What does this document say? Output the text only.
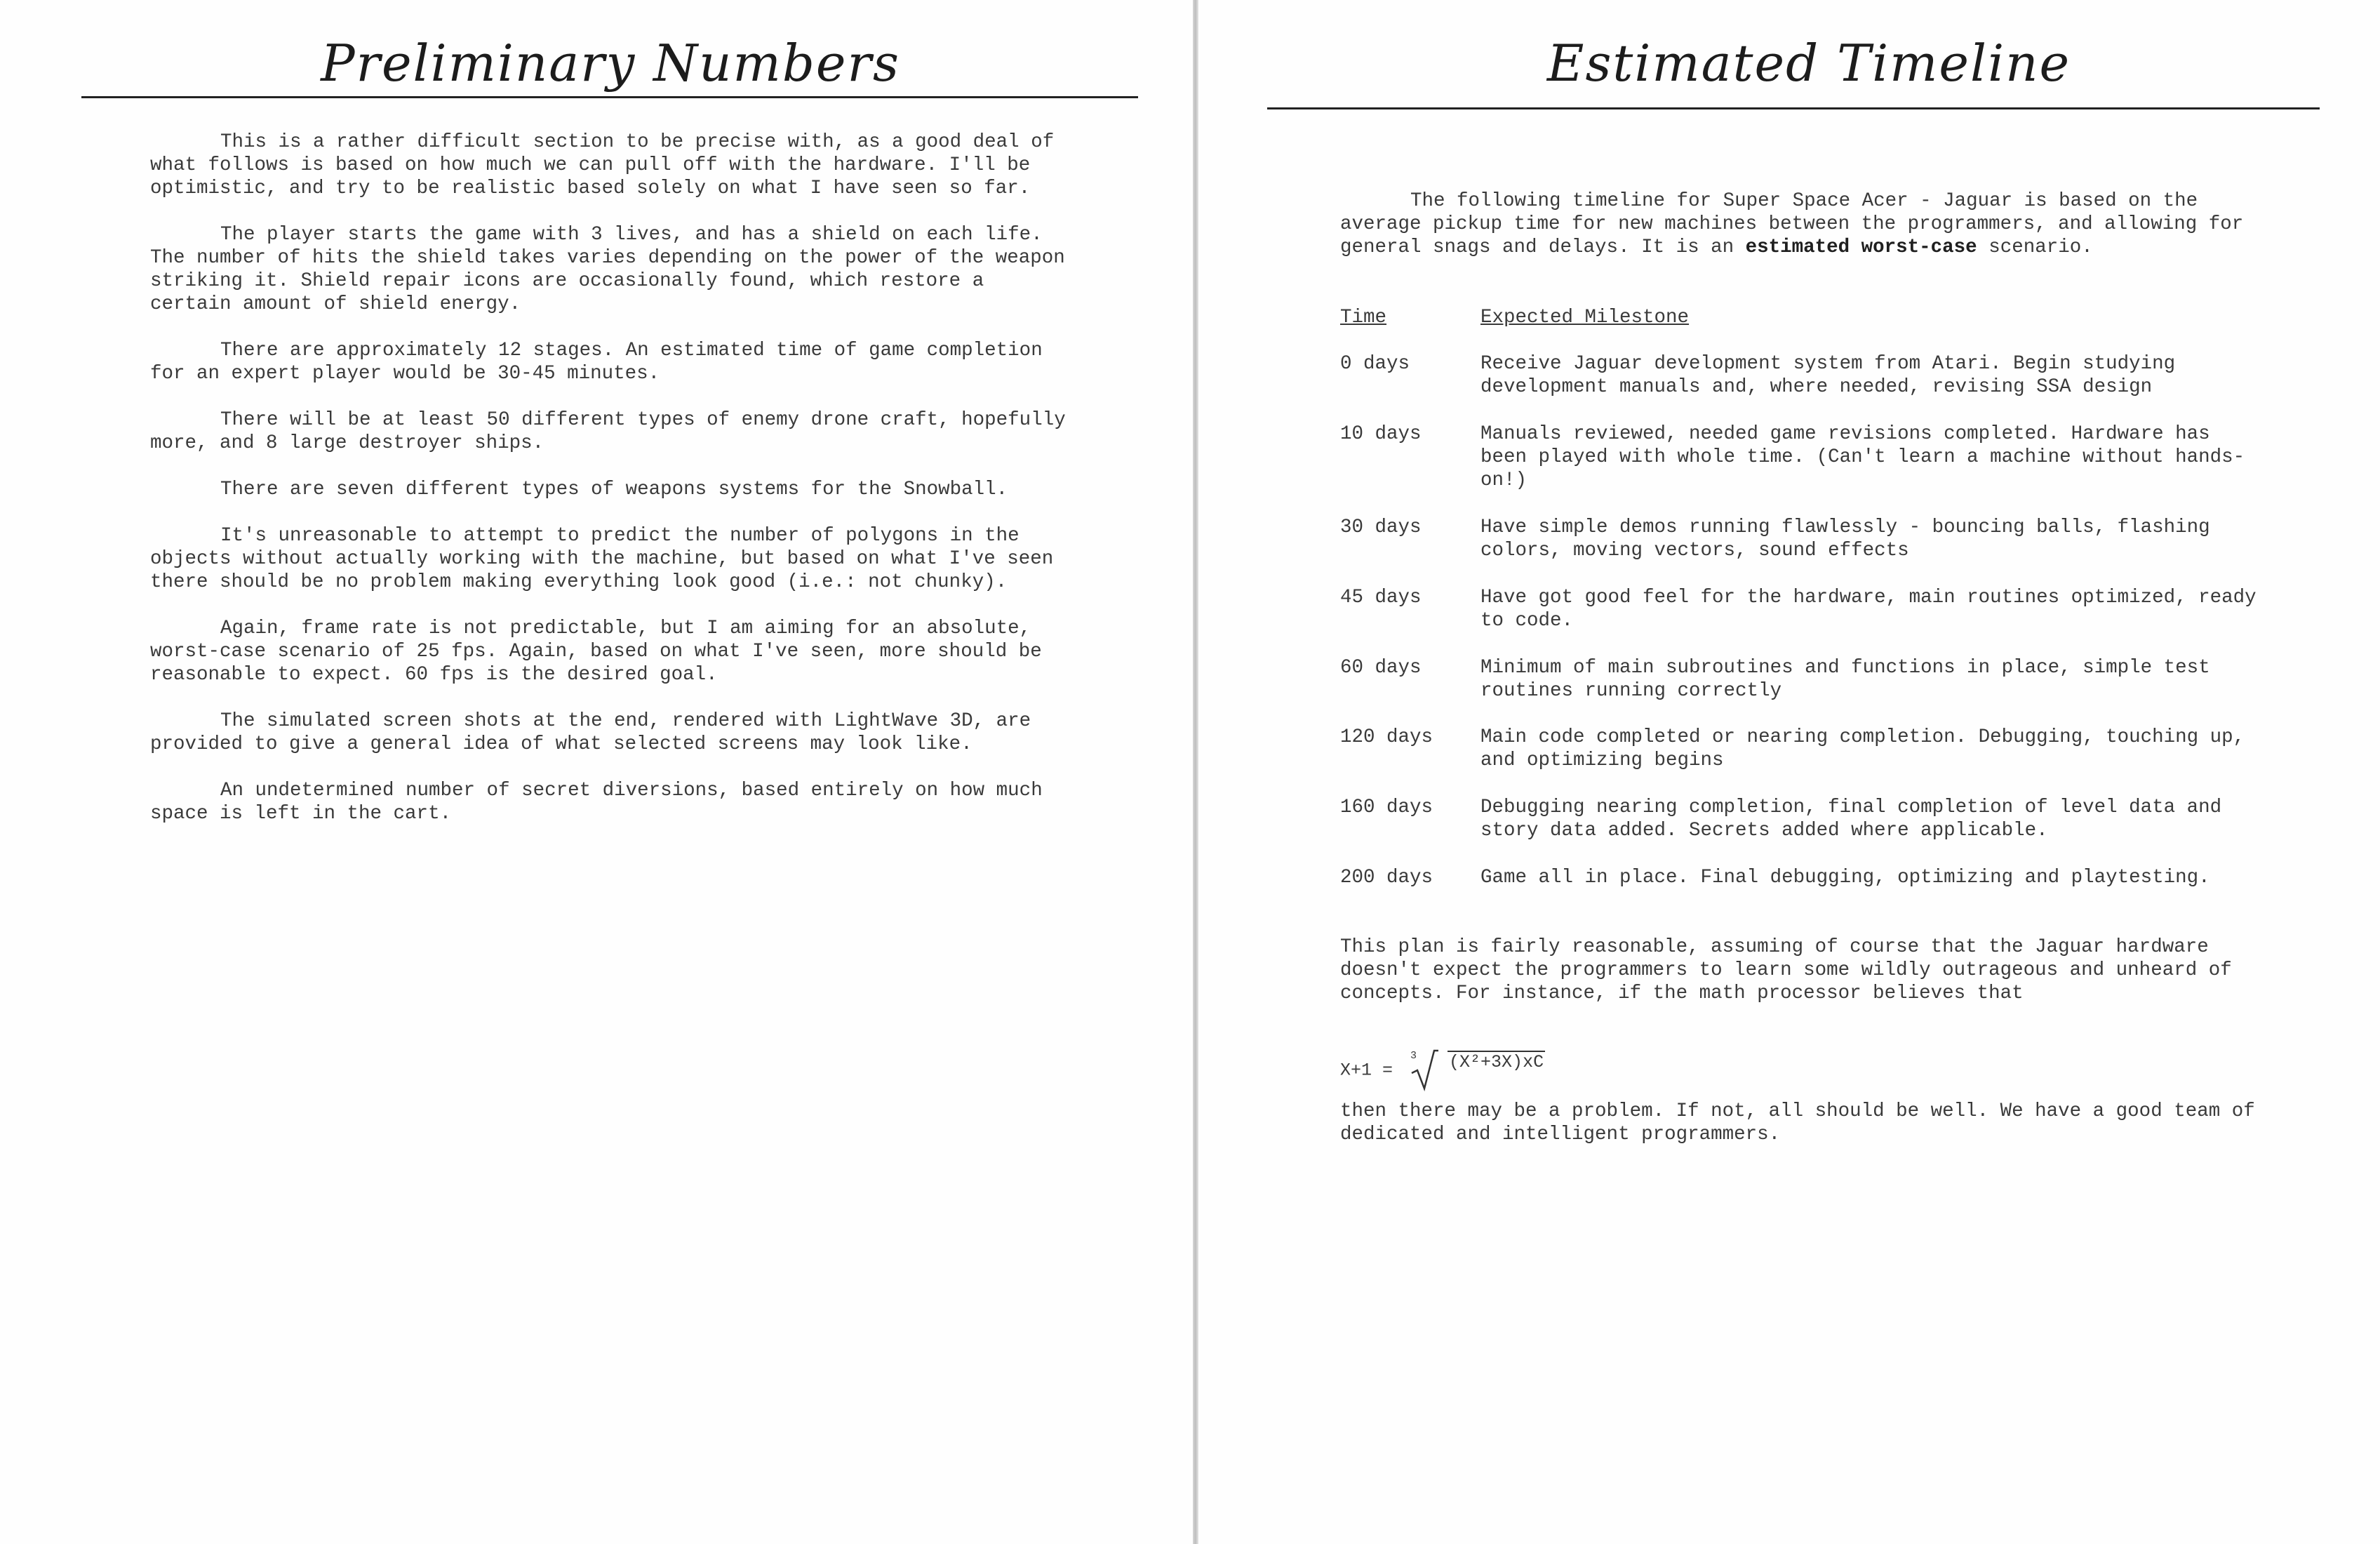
Preliminary Numbers

This is a rather difficult section to be precise with, as a good deal of what follows is based on how much we can pull off with the hardware. I'll be optimistic, and try to be realistic based solely on what I have seen so far.

The player starts the game with 3 lives, and has a shield on each life. The number of hits the shield takes varies depending on the power of the weapon striking it. Shield repair icons are occasionally found, which restore a certain amount of shield energy.

There are approximately 12 stages. An estimated time of game completion for an expert player would be 30-45 minutes.

There will be at least 50 different types of enemy drone craft, hopefully more, and 8 large destroyer ships.

There are seven different types of weapons systems for the Snowball.

It's unreasonable to attempt to predict the number of polygons in the objects without actually working with the machine, but based on what I've seen there should be no problem making everything look good (i.e.: not chunky).

Again, frame rate is not predictable, but I am aiming for an absolute, worst-case scenario of 25 fps. Again, based on what I've seen, more should be reasonable to expect. 60 fps is the desired goal.

The simulated screen shots at the end, rendered with LightWave 3D, are provided to give a general idea of what selected screens may look like.

An undetermined number of secret diversions, based entirely on how much space is left in the cart.

Estimated Timeline

The following timeline for Super Space Acer - Jaguar is based on the average pickup time for new machines between the programmers, and allowing for general snags and delays. It is an estimated worst-case scenario.

Time	Expected Milestone
0 days	Receive Jaguar development system from Atari. Begin studying development manuals and, where needed, revising SSA design
10 days	Manuals reviewed, needed game revisions completed. Hardware has been played with whole time. (Can't learn a machine without hands-on!)
30 days	Have simple demos running flawlessly - bouncing balls, flashing colors, moving vectors, sound effects
45 days	Have got good feel for the hardware, main routines optimized, ready to code.
60 days	Minimum of main subroutines and functions in place, simple test routines running correctly
120 days	Main code completed or nearing completion. Debugging, touching up, and optimizing begins
160 days	Debugging nearing completion, final completion of level data and story data added. Secrets added where applicable.
200 days	Game all in place. Final debugging, optimizing and playtesting.
This plan is fairly reasonable, assuming of course that the Jaguar hardware doesn't expect the programmers to learn some wildly outrageous and unheard of concepts. For instance, if the math processor believes that
X+1 =
3 (X²+3X)xC
then there may be a problem. If not, all should be well. We have a good team of dedicated and intelligent programmers.
